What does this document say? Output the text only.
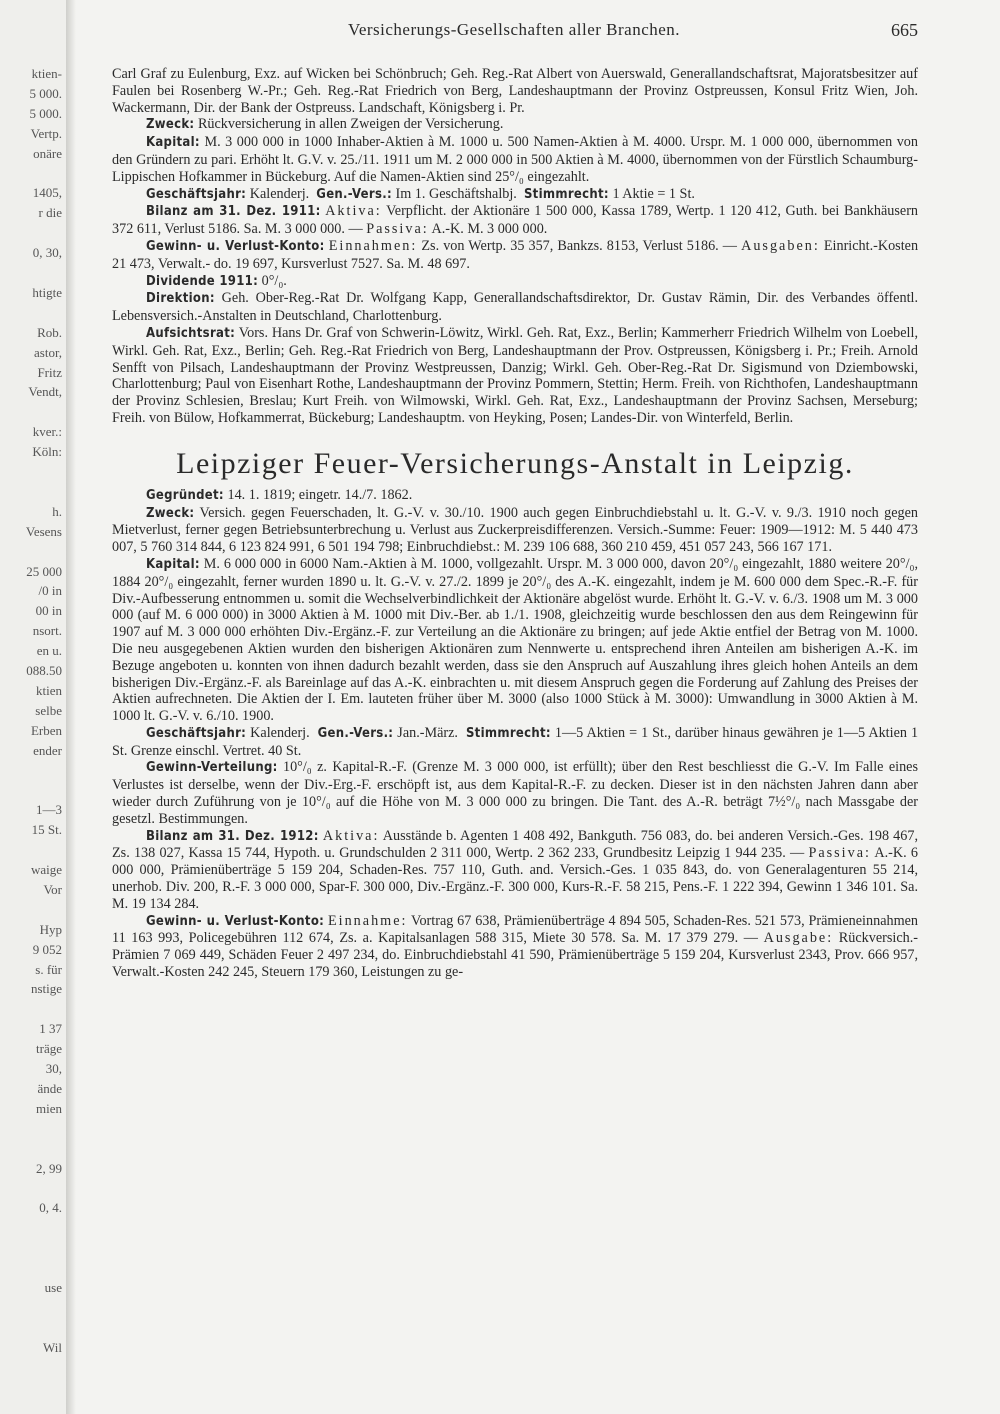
ktien-
5 000.
5 000.
Vertp.
onäre
1405,
r die
0, 30,
htigte
Rob.
astor,
Fritz
Vendt,
kver.:
Köln:
h.
Vesens
25 000
/0 in
00 in
nsort.
en u.
088.50
ktien
selbe
Erben
ender
1—3
15 St.
waige
Vor
Hyp
9 052
s. für
nstige
1 37
träge
30,
ände
mien
2, 99
0, 4.
use
Wil
Versicherungs-Gesellschaften aller Branchen.	665

Carl Graf zu Eulenburg, Exz. auf Wicken bei Schönbruch; Geh. Reg.-Rat Albert von Auerswald, Generallandschaftsrat, Majoratsbesitzer auf Faulen bei Rosenberg W.-Pr.; Geh. Reg.-Rat Friedrich von Berg, Landeshauptmann der Provinz Ostpreussen, Konsul Fritz Wien, Joh. Wackermann, Dir. der Bank der Ostpreuss. Landschaft, Königsberg i. Pr.

Zweck: Rückversicherung in allen Zweigen der Versicherung.

Kapital: M. 3 000 000 in 1000 Inhaber-Aktien à M. 1000 u. 500 Namen-Aktien à M. 4000. Urspr. M. 1 000 000, übernommen von den Gründern zu pari. Erhöht lt. G.V. v. 25./11. 1911 um M. 2 000 000 in 500 Aktien à M. 4000, übernommen von der Fürstlich Schaumburg-Lippischen Hofkammer in Bückeburg. Auf die Namen-Aktien sind 25°/₀ eingezahlt.

Geschäftsjahr: Kalenderj. Gen.-Vers.: Im 1. Geschäftshalbj. Stimmrecht: 1 Aktie = 1 St.

Bilanz am 31. Dez. 1911: Aktiva: Verpflicht. der Aktionäre 1 500 000, Kassa 1789, Wertp. 1 120 412, Guth. bei Bankhäusern 372 611, Verlust 5186. Sa. M. 3 000 000. — Passiva: A.-K. M. 3 000 000.

Gewinn- u. Verlust-Konto: Einnahmen: Zs. von Wertp. 35 357, Bankzs. 8153, Verlust 5186. — Ausgaben: Einricht.-Kosten 21 473, Verwalt.- do. 19 697, Kursverlust 7527. Sa. M. 48 697.

Dividende 1911: 0°/₀.

Direktion: Geh. Ober-Reg.-Rat Dr. Wolfgang Kapp, Generallandschaftsdirektor, Dr. Gustav Rämin, Dir. des Verbandes öffentl. Lebensversich.-Anstalten in Deutschland, Charlottenburg.

Aufsichtsrat: Vors. Hans Dr. Graf von Schwerin-Löwitz, Wirkl. Geh. Rat, Exz., Berlin; Kammerherr Friedrich Wilhelm von Loebell, Wirkl. Geh. Rat, Exz., Berlin; Geh. Reg.-Rat Friedrich von Berg, Landeshauptmann der Prov. Ostpreussen, Königsberg i. Pr.; Freih. Arnold Senfft von Pilsach, Landeshauptmann der Provinz Westpreussen, Danzig; Wirkl. Geh. Ober-Reg.-Rat Dr. Sigismund von Dziembowski, Charlottenburg; Paul von Eisenhart Rothe, Landeshauptmann der Provinz Pommern, Stettin; Herm. Freih. von Richthofen, Landeshauptmann der Provinz Schlesien, Breslau; Kurt Freih. von Wilmowski, Wirkl. Geh. Rat, Exz., Landeshauptmann der Provinz Sachsen, Merseburg; Freih. von Bülow, Hofkammerrat, Bückeburg; Landeshauptm. von Heyking, Posen; Landes-Dir. von Winterfeld, Berlin.

Leipziger Feuer-Versicherungs-Anstalt in Leipzig.

Gegründet: 14. 1. 1819; eingetr. 14./7. 1862.

Zweck: Versich. gegen Feuerschaden, lt. G.-V. v. 30./10. 1900 auch gegen Einbruchdiebstahl u. lt. G.-V. v. 9./3. 1910 noch gegen Mietverlust, ferner gegen Betriebsunterbrechung u. Verlust aus Zuckerpreisdifferenzen. Versich.-Summe: Feuer: 1909—1912: M. 5 440 473 007, 5 760 314 844, 6 123 824 991, 6 501 194 798; Einbruchdiebst.: M. 239 106 688, 360 210 459, 451 057 243, 566 167 171.

Kapital: M. 6 000 000 in 6000 Nam.-Aktien à M. 1000, vollgezahlt. Urspr. M. 3 000 000, davon 20°/₀ eingezahlt, 1880 weitere 20°/₀, 1884 20°/₀ eingezahlt, ferner wurden 1890 u. lt. G.-V. v. 27./2. 1899 je 20°/₀ des A.-K. eingezahlt, indem je M. 600 000 dem Spec.-R.-F. für Div.-Aufbesserung entnommen u. somit die Wechselverbindlichkeit der Aktionäre abgelöst wurde. Erhöht lt. G.-V. v. 6./3. 1908 um M. 3 000 000 (auf M. 6 000 000) in 3000 Aktien à M. 1000 mit Div.-Ber. ab 1./1. 1908, gleichzeitig wurde beschlossen den aus dem Reingewinn für 1907 auf M. 3 000 000 erhöhten Div.-Ergänz.-F. zur Verteilung an die Aktionäre zu bringen; auf jede Aktie entfiel der Betrag von M. 1000. Die neu ausgegebenen Aktien wurden den bisherigen Aktionären zum Nennwerte u. entsprechend ihren Anteilen am bisherigen A.-K. im Bezuge angeboten u. konnten von ihnen dadurch bezahlt werden, dass sie den Anspruch auf Auszahlung ihres gleich hohen Anteils an dem bisherigen Div.-Ergänz.-F. als Bareinlage auf das A.-K. einbrachten u. mit diesem Anspruch gegen die Forderung auf Zahlung des Preises der Aktien aufrechneten. Die Aktien der I. Em. lauteten früher über M. 3000 (also 1000 Stück à M. 3000): Umwandlung in 3000 Aktien à M. 1000 lt. G.-V. v. 6./10. 1900.

Geschäftsjahr: Kalenderj. Gen.-Vers.: Jan.-März. Stimmrecht: 1—5 Aktien = 1 St., darüber hinaus gewähren je 1—5 Aktien 1 St. Grenze einschl. Vertret. 40 St.

Gewinn-Verteilung: 10°/₀ z. Kapital-R.-F. (Grenze M. 3 000 000, ist erfüllt); über den Rest beschliesst die G.-V. Im Falle eines Verlustes ist derselbe, wenn der Div.-Erg.-F. erschöpft ist, aus dem Kapital-R.-F. zu decken. Dieser ist in den nächsten Jahren dann aber wieder durch Zuführung von je 10°/₀ auf die Höhe von M. 3 000 000 zu bringen. Die Tant. des A.-R. beträgt 7½°/₀ nach Massgabe der gesetzl. Bestimmungen.

Bilanz am 31. Dez. 1912: Aktiva: Ausstände b. Agenten 1 408 492, Bankguth. 756 083, do. bei anderen Versich.-Ges. 198 467, Zs. 138 027, Kassa 15 744, Hypoth. u. Grundschulden 2 311 000, Wertp. 2 362 233, Grundbesitz Leipzig 1 944 235. — Passiva: A.-K. 6 000 000, Prämienüberträge 5 159 204, Schaden-Res. 757 110, Guth. and. Versich.-Ges. 1 035 843, do. von Generalagenturen 55 214, unerhob. Div. 200, R.-F. 3 000 000, Spar-F. 300 000, Div.-Ergänz.-F. 300 000, Kurs-R.-F. 58 215, Pens.-F. 1 222 394, Gewinn 1 346 101. Sa. M. 19 134 284.

Gewinn- u. Verlust-Konto: Einnahme: Vortrag 67 638, Prämienüberträge 4 894 505, Schaden-Res. 521 573, Prämieneinnahmen 11 163 993, Policegebühren 112 674, Zs. a. Kapitalsanlagen 588 315, Miete 30 578. Sa. M. 17 379 279. — Ausgabe: Rückversich.-Prämien 7 069 449, Schäden Feuer 2 497 234, do. Einbruchdiebstahl 41 590, Prämienüberträge 5 159 204, Kursverlust 2343, Prov. 666 957, Verwalt.-Kosten 242 245, Steuern 179 360, Leistungen zu ge-
